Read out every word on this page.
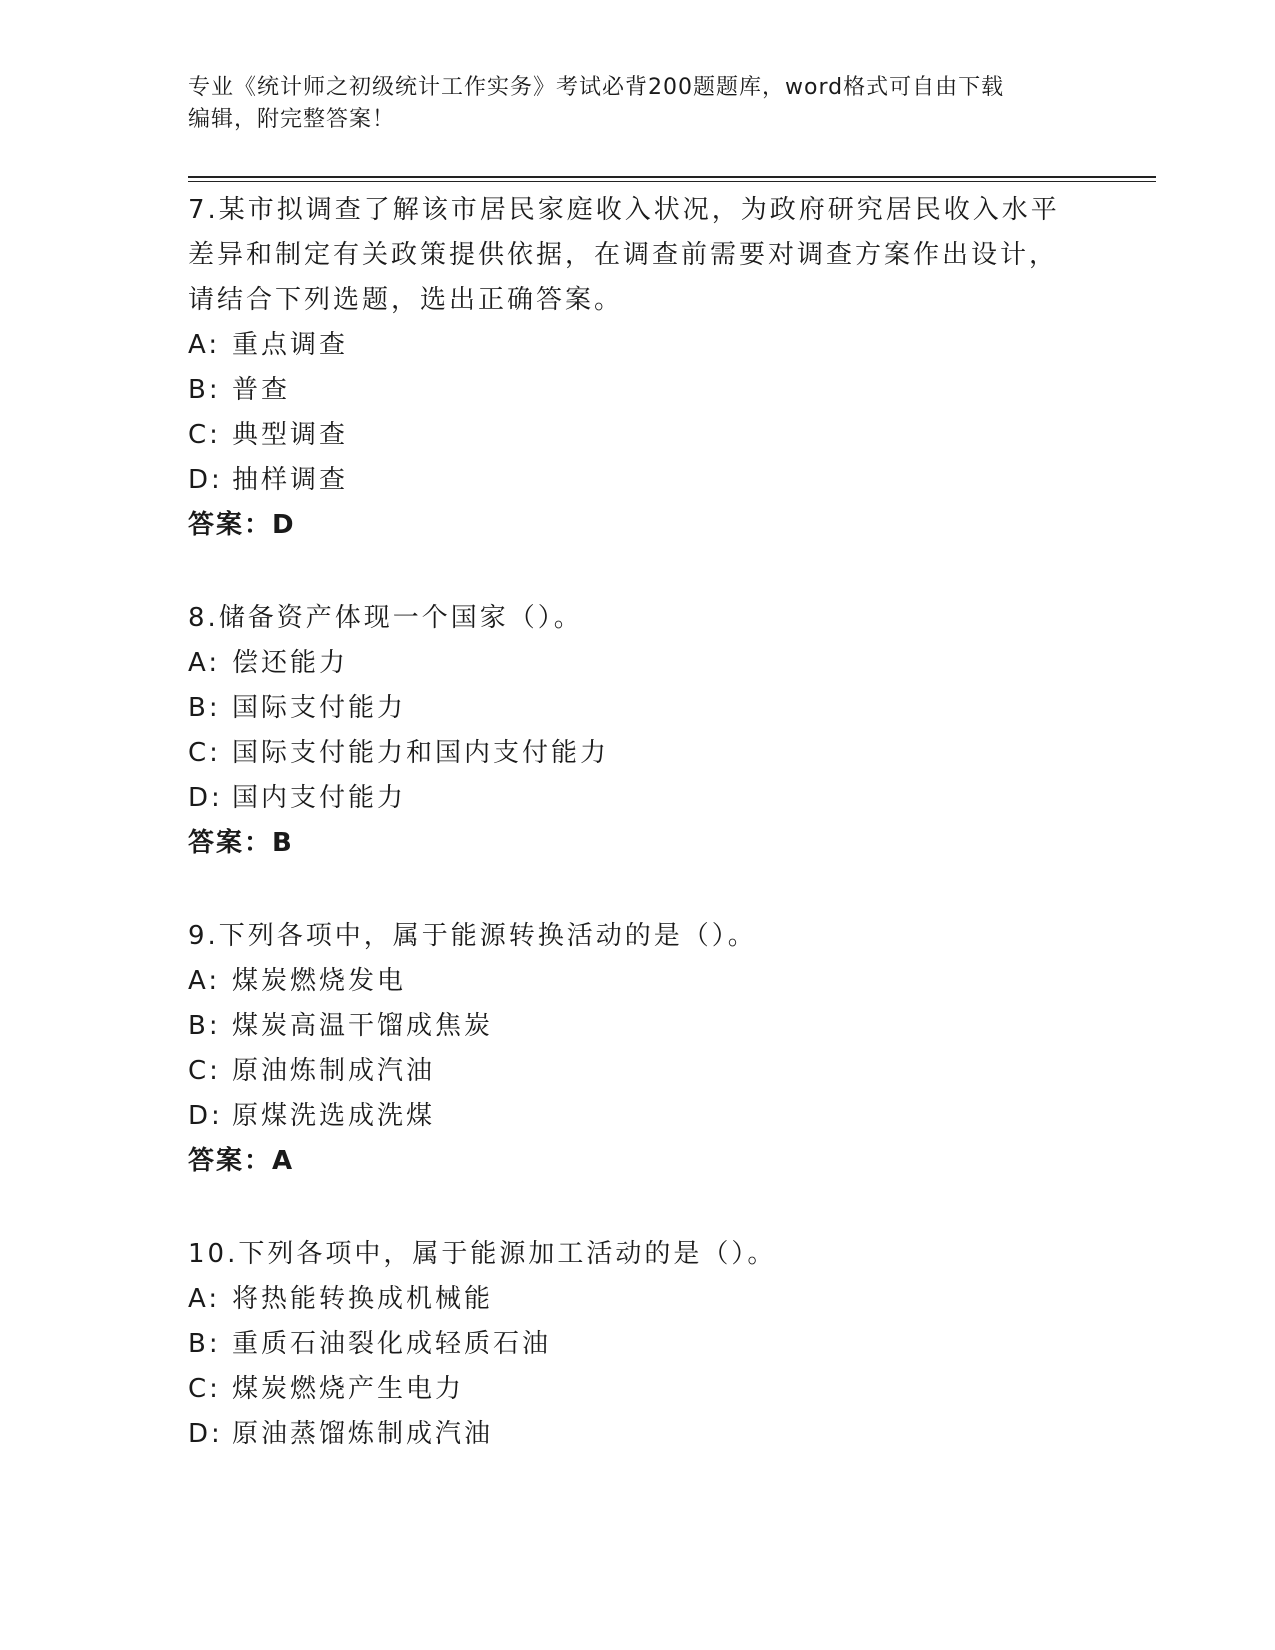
专业《统计师之初级统计工作实务》考试必背200题题库，word格式可自由下载
编辑，附完整答案！

7.某市拟调查了解该市居民家庭收入状况，为政府研究居民收入水平

差异和制定有关政策提供依据，在调查前需要对调查方案作出设计，

请结合下列选题，选出正确答案。

A: 重点调查

B: 普查

C: 典型调查

D: 抽样调查

答案：D

8.储备资产体现一个国家（）。

A: 偿还能力

B: 国际支付能力

C: 国际支付能力和国内支付能力

D: 国内支付能力

答案：B

9.下列各项中，属于能源转换活动的是（）。

A: 煤炭燃烧发电

B: 煤炭高温干馏成焦炭

C: 原油炼制成汽油

D: 原煤洗选成洗煤

答案：A

10.下列各项中，属于能源加工活动的是（）。

A: 将热能转换成机械能

B: 重质石油裂化成轻质石油

C: 煤炭燃烧产生电力

D: 原油蒸馏炼制成汽油
